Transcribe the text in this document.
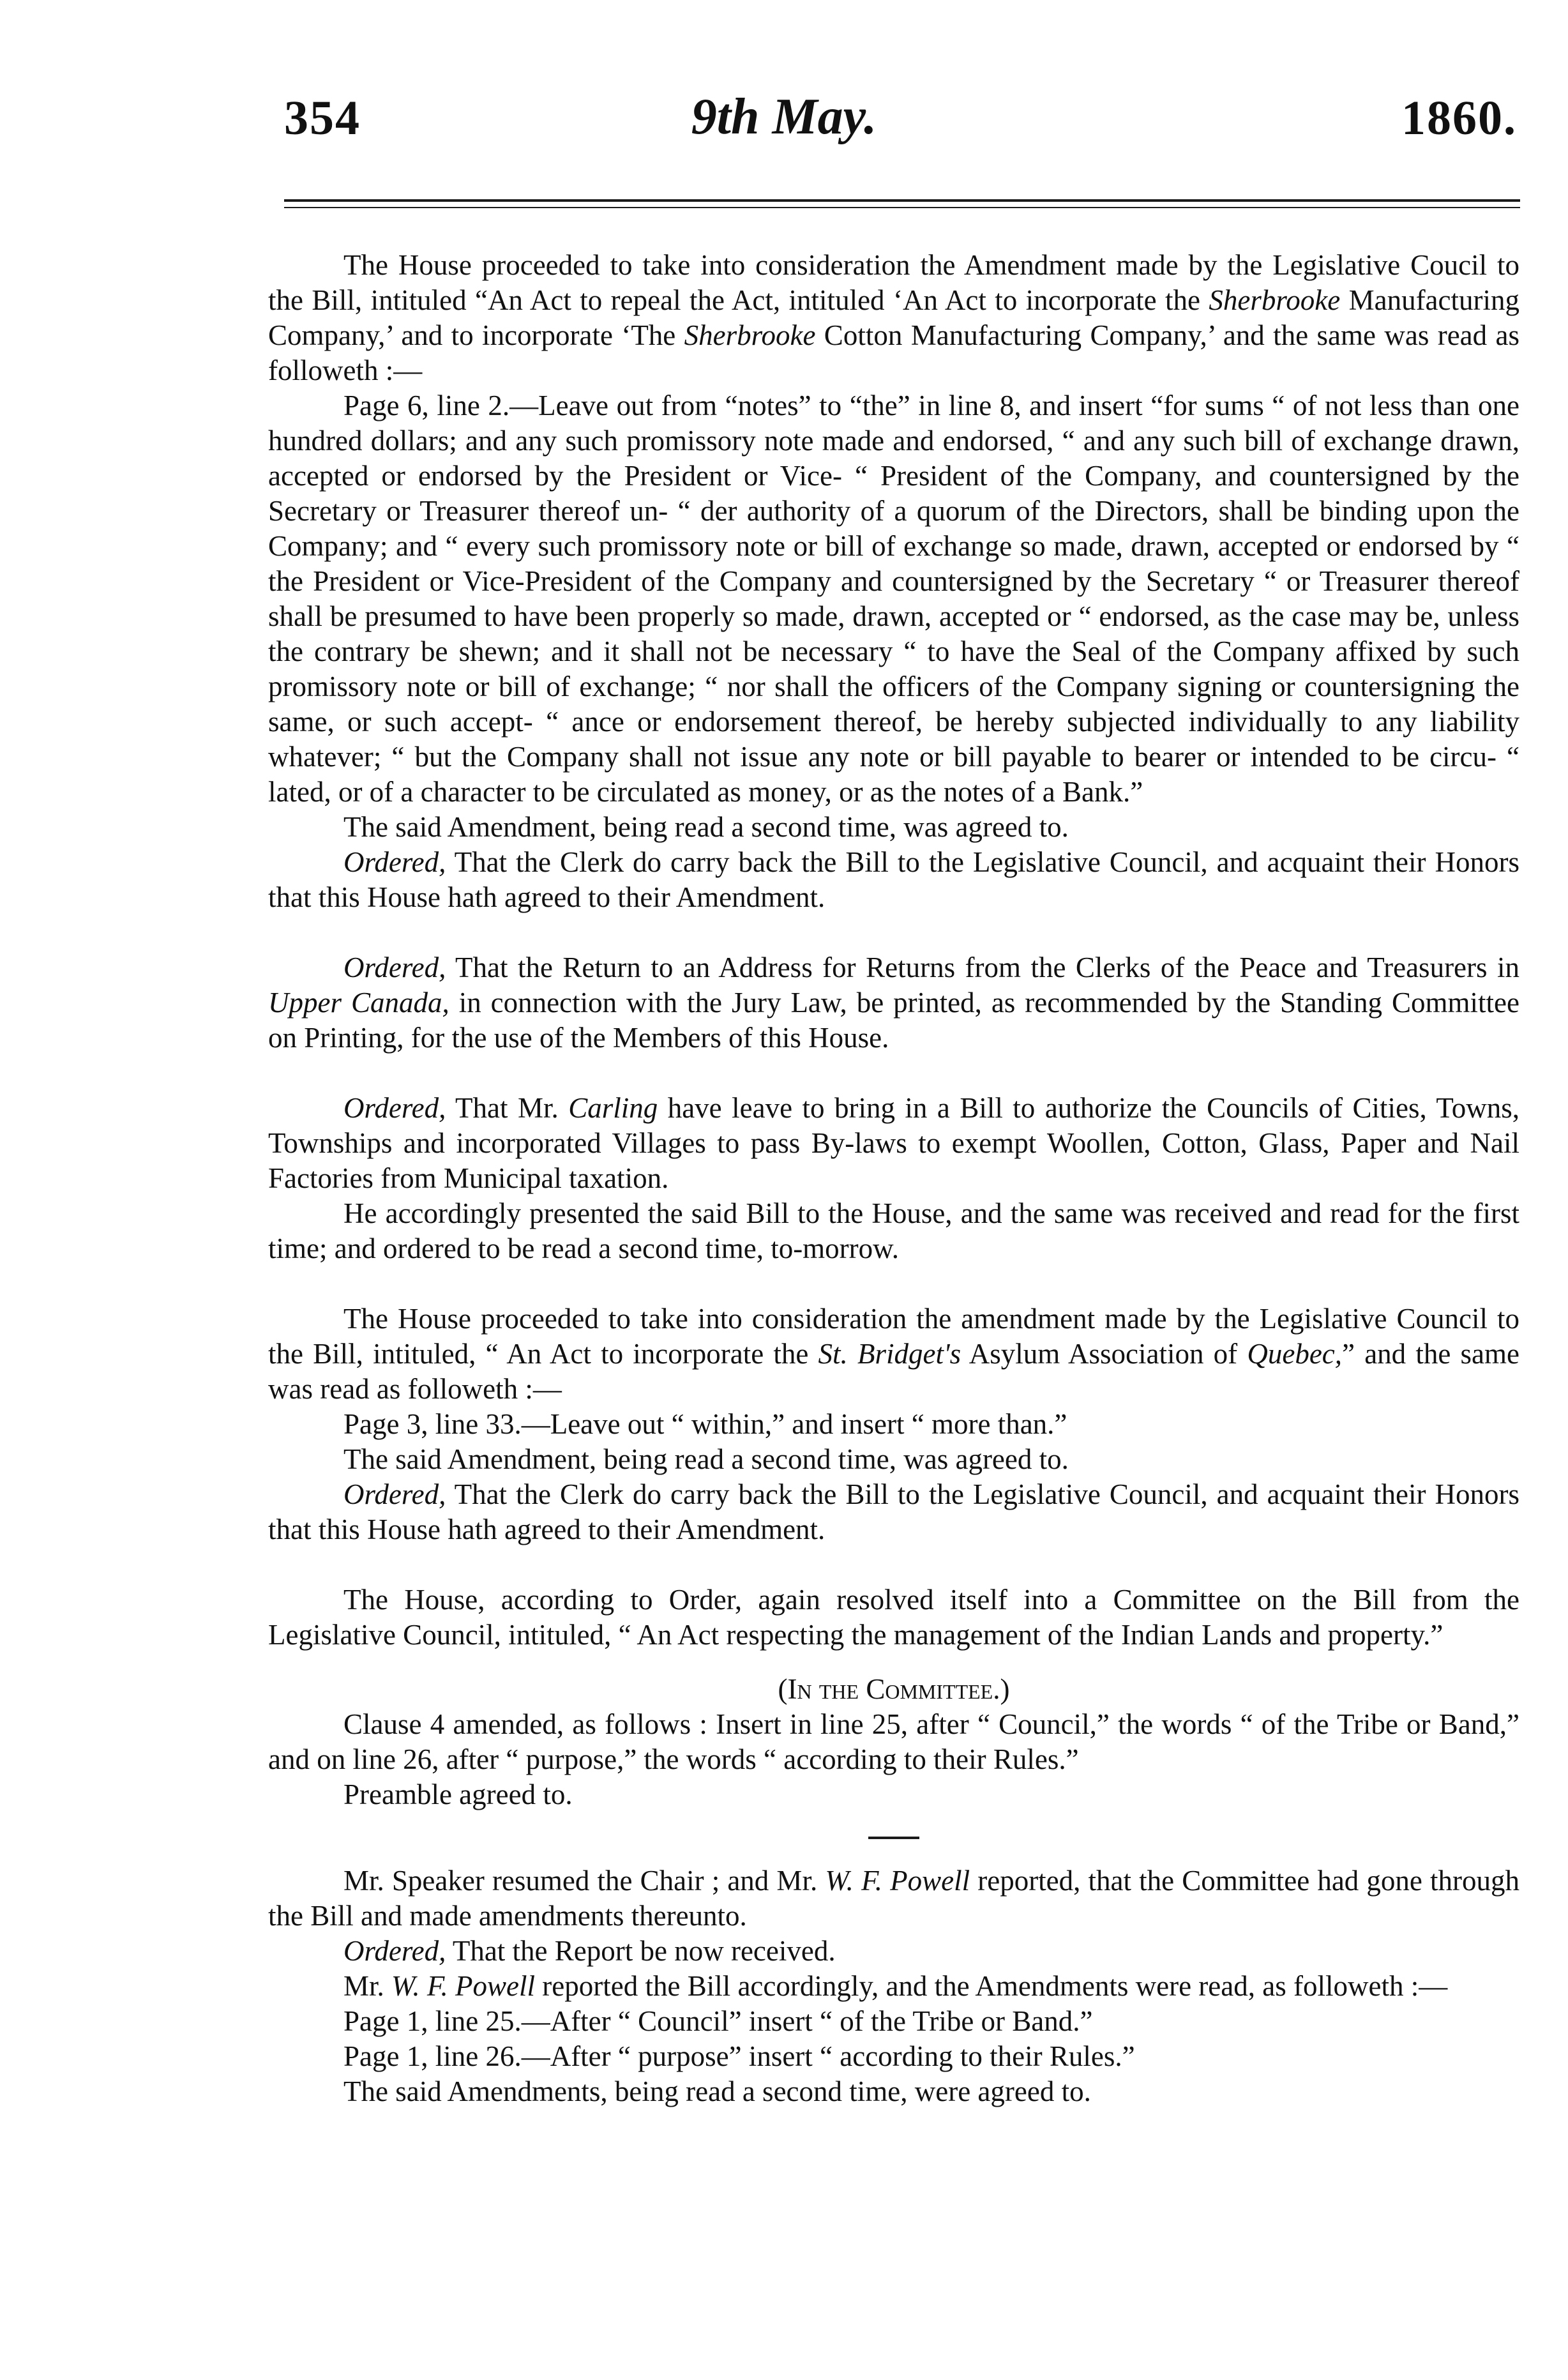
354	9th May.	1860.

The House proceeded to take into consideration the Amendment made by the Legislative Coucil to the Bill, intituled “An Act to repeal the Act, intituled ‘An Act to incorporate the Sherbrooke Manufacturing Company,’ and to incorporate ‘The Sherbrooke Cotton Manufacturing Company,’ and the same was read as followeth :—

Page 6, line 2.—Leave out from “notes” to “the” in line 8, and insert “for sums “ of not less than one hundred dollars; and any such promissory note made and endorsed, “ and any such bill of exchange drawn, accepted or endorsed by the President or Vice- “ President of the Company, and countersigned by the Secretary or Treasurer thereof un- “ der authority of a quorum of the Directors, shall be binding upon the Company; and “ every such promissory note or bill of exchange so made, drawn, accepted or endorsed by “ the President or Vice-President of the Company and countersigned by the Secretary “ or Treasurer thereof shall be presumed to have been properly so made, drawn, accepted or “ endorsed, as the case may be, unless the contrary be shewn; and it shall not be necessary “ to have the Seal of the Company affixed by such promissory note or bill of exchange; “ nor shall the officers of the Company signing or countersigning the same, or such accept- “ ance or endorsement thereof, be hereby subjected individually to any liability whatever; “ but the Company shall not issue any note or bill payable to bearer or intended to be circu- “ lated, or of a character to be circulated as money, or as the notes of a Bank.”

The said Amendment, being read a second time, was agreed to.

Ordered, That the Clerk do carry back the Bill to the Legislative Council, and acquaint their Honors that this House hath agreed to their Amendment.

Ordered, That the Return to an Address for Returns from the Clerks of the Peace and Treasurers in Upper Canada, in connection with the Jury Law, be printed, as recommended by the Standing Committee on Printing, for the use of the Members of this House.

Ordered, That Mr. Carling have leave to bring in a Bill to authorize the Councils of Cities, Towns, Townships and incorporated Villages to pass By-laws to exempt Woollen, Cotton, Glass, Paper and Nail Factories from Municipal taxation.

He accordingly presented the said Bill to the House, and the same was received and read for the first time; and ordered to be read a second time, to-morrow.

The House proceeded to take into consideration the amendment made by the Legislative Council to the Bill, intituled, “ An Act to incorporate the St. Bridget's Asylum Association of Quebec,” and the same was read as followeth :—

Page 3, line 33.—Leave out “ within,” and insert “ more than.”

The said Amendment, being read a second time, was agreed to.

Ordered, That the Clerk do carry back the Bill to the Legislative Council, and acquaint their Honors that this House hath agreed to their Amendment.

The House, according to Order, again resolved itself into a Committee on the Bill from the Legislative Council, intituled, “ An Act respecting the management of the Indian Lands and property.”

(In the Committee.)

Clause 4 amended, as follows : Insert in line 25, after “ Council,” the words “ of the Tribe or Band,” and on line 26, after “ purpose,” the words “ according to their Rules.”

Preamble agreed to.

Mr. Speaker resumed the Chair ; and Mr. W. F. Powell reported, that the Committee had gone through the Bill and made amendments thereunto.

Ordered, That the Report be now received.

Mr. W. F. Powell reported the Bill accordingly, and the Amendments were read, as followeth :—

Page 1, line 25.—After “ Council” insert “ of the Tribe or Band.”

Page 1, line 26.—After “ purpose” insert “ according to their Rules.”

The said Amendments, being read a second time, were agreed to.
